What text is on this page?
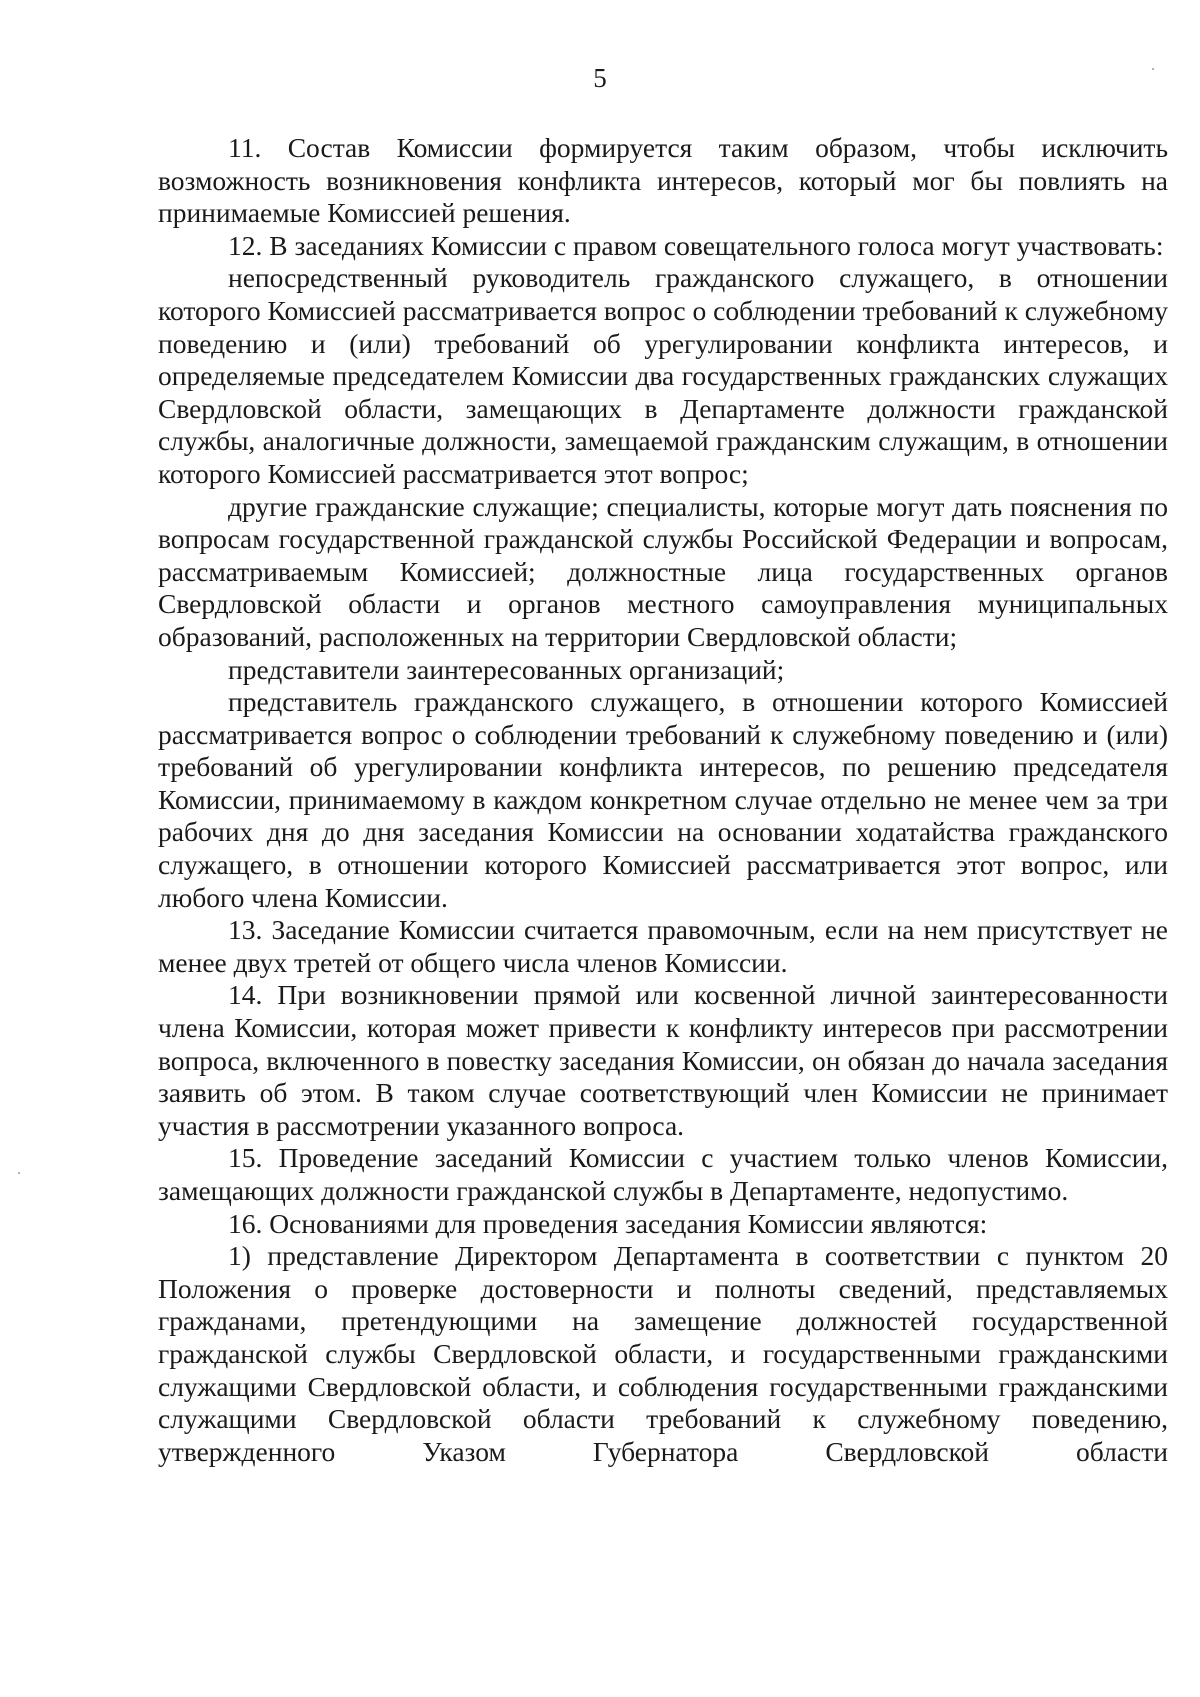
5

11. Состав Комиссии формируется таким образом, чтобы исключить возможность возникновения конфликта интересов, который мог бы повлиять на принимаемые Комиссией решения.

12. В заседаниях Комиссии с правом совещательного голоса могут участвовать:

непосредственный руководитель гражданского служащего, в отношении которого Комиссией рассматривается вопрос о соблюдении требований к служебному поведению и (или) требований об урегулировании конфликта интересов, и определяемые председателем Комиссии два государственных гражданских служащих Свердловской области, замещающих в Департаменте должности гражданской службы, аналогичные должности, замещаемой гражданским служащим, в отношении которого Комиссией рассматривается этот вопрос;

другие гражданские служащие; специалисты, которые могут дать пояснения по вопросам государственной гражданской службы Российской Федерации и вопросам, рассматриваемым Комиссией; должностные лица государственных органов Свердловской области и органов местного самоуправления муниципальных образований, расположенных на территории Свердловской области;

представители заинтересованных организаций;

представитель гражданского служащего, в отношении которого Комиссией рассматривается вопрос о соблюдении требований к служебному поведению и (или) требований об урегулировании конфликта интересов, по решению председателя Комиссии, принимаемому в каждом конкретном случае отдельно не менее чем за три рабочих дня до дня заседания Комиссии на основании ходатайства гражданского служащего, в отношении которого Комиссией рассматривается этот вопрос, или любого члена Комиссии.

13. Заседание Комиссии считается правомочным, если на нем присутствует не менее двух третей от общего числа членов Комиссии.

14. При возникновении прямой или косвенной личной заинтересованности члена Комиссии, которая может привести к конфликту интересов при рассмотрении вопроса, включенного в повестку заседания Комиссии, он обязан до начала заседания заявить об этом. В таком случае соответствующий член Комиссии не принимает участия в рассмотрении указанного вопроса.

15. Проведение заседаний Комиссии с участием только членов Комиссии, замещающих должности гражданской службы в Департаменте, недопустимо.

16. Основаниями для проведения заседания Комиссии являются:

1) представление Директором Департамента в соответствии с пунктом 20 Положения о проверке достоверности и полноты сведений, представляемых гражданами, претендующими на замещение должностей государственной гражданской службы Свердловской области, и государственными гражданскими служащими Свердловской области, и соблюдения государственными гражданскими служащими Свердловской области требований к служебному поведению, утвержденного Указом Губернатора Свердловской области
